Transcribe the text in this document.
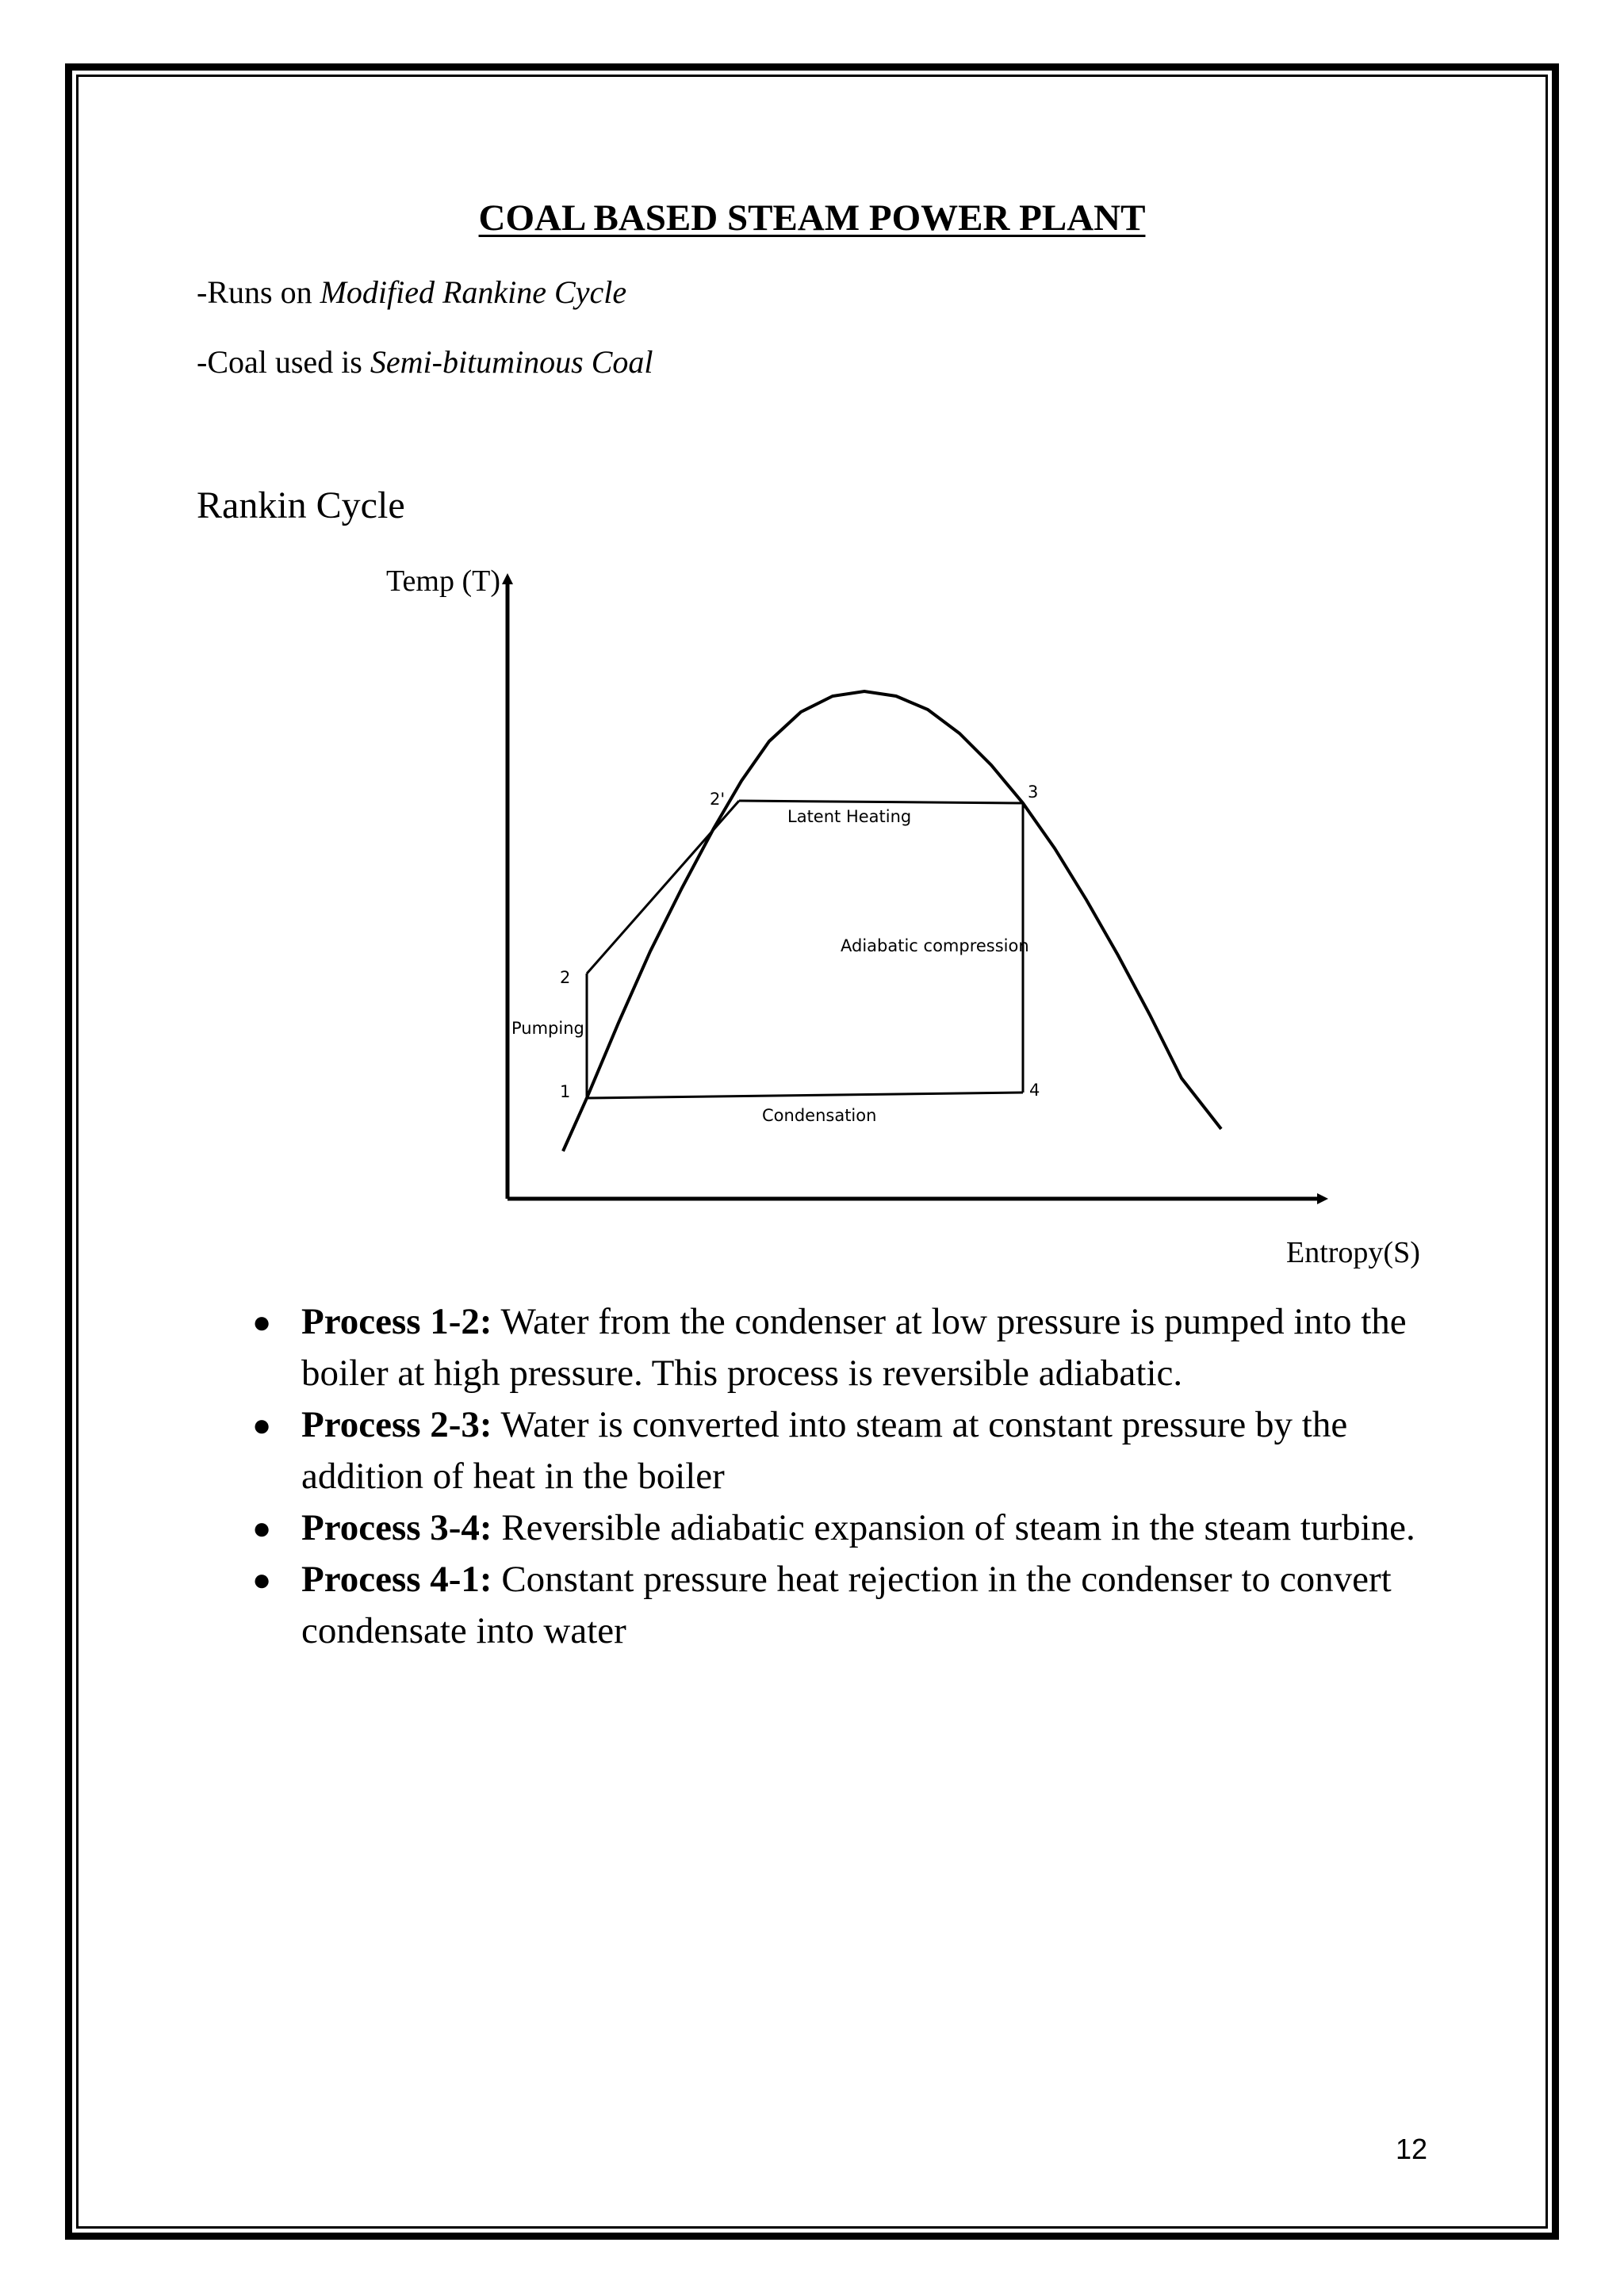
COAL BASED STEAM POWER PLANT

-Runs on Modified Rankine Cycle

-Coal used is Semi-bituminous Coal

Rankin Cycle
Temp (T)
Entropy(S)
2'	3
2
1	4
Latent Heating
Adiabatic compression
Pumping
Condensation
● Process 1-2: Water from the condenser at low pressure is pumped into the boiler at high pressure. This process is reversible adiabatic.
● Process 2-3: Water is converted into steam at constant pressure by the addition of heat in the boiler
● Process 3-4: Reversible adiabatic expansion of steam in the steam turbine.
● Process 4-1: Constant pressure heat rejection in the condenser to convert condensate into water

12
